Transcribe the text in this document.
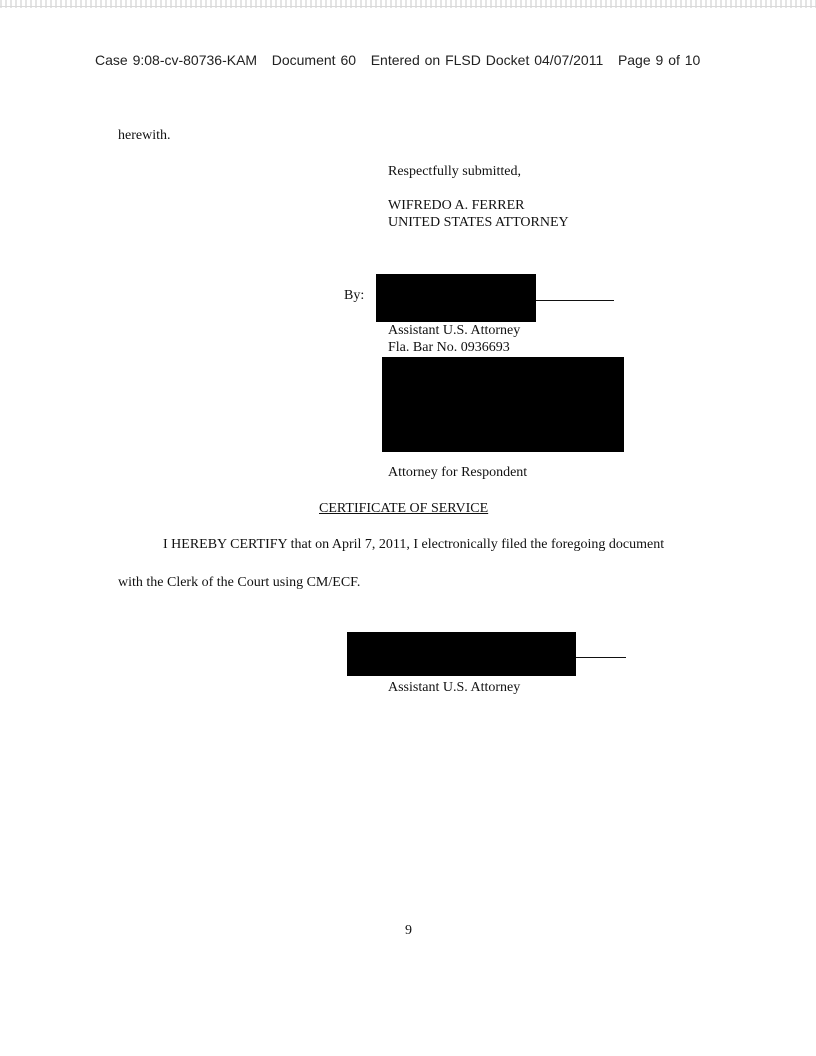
Case 9:08-cv-80736-KAM Document 60 Entered on FLSD Docket 04/07/2011 Page 9 of 10
herewith.
Respectfully submitted,
WIFREDO A. FERRER
UNITED STATES ATTORNEY
By:
Assistant U.S. Attorney
Fla. Bar No. 0936693
Attorney for Respondent
CERTIFICATE OF SERVICE
I HEREBY CERTIFY that on April 7, 2011, I electronically filed the foregoing document
with the Clerk of the Court using CM/ECF.
Assistant U.S. Attorney
9
